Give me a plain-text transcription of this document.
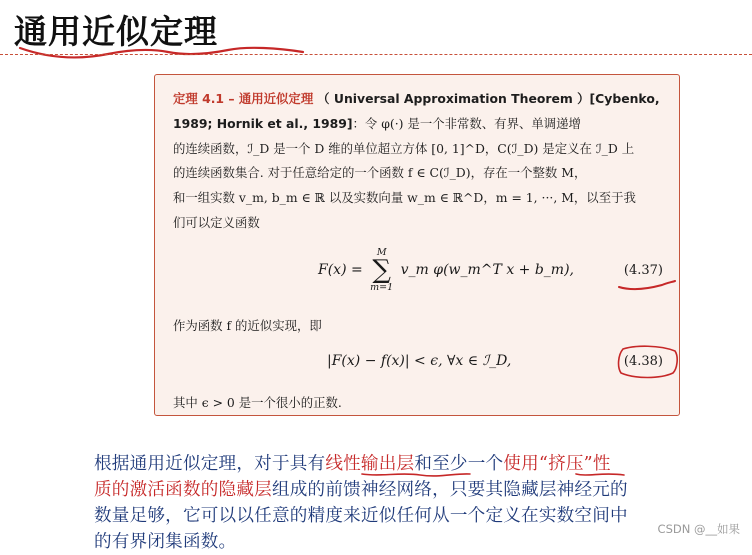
通用近似定理
定理 4.1 – 通用近似定理 （ Universal Approximation Theorem ）[Cybenko, 1989; Hornik et al., 1989]：令 φ(·) 是一个非常数、有界、单调递增
的连续函数，ℐ_D 是一个 D 维的单位超立方体 [0, 1]^D，C(ℐ_D) 是定义在 ℐ_D 上
的连续函数集合. 对于任意给定的一个函数 f ∈ C(ℐ_D)，存在一个整数 M，
和一组实数 v_m, b_m ∈ ℝ 以及实数向量 w_m ∈ ℝ^D，m = 1, ···, M，以至于我
们可以定义函数
F(x) =
M
∑
m=1
v_m φ(w_m^T x + b_m),	(4.37)
作为函数 f 的近似实现，即
|F(x) − f(x)| < ϵ, ∀x ∈ ℐ_D,	(4.38)
其中 ϵ > 0 是一个很小的正数.
根据通用近似定理，对于具有线性输出层和至少一个使用“挤压”性
质的激活函数的隐藏层组成的前馈神经网络，只要其隐藏层神经元的
数量足够，它可以以任意的精度来近似任何从一个定义在实数空间中
的有界闭集函数。
CSDN @__如果
